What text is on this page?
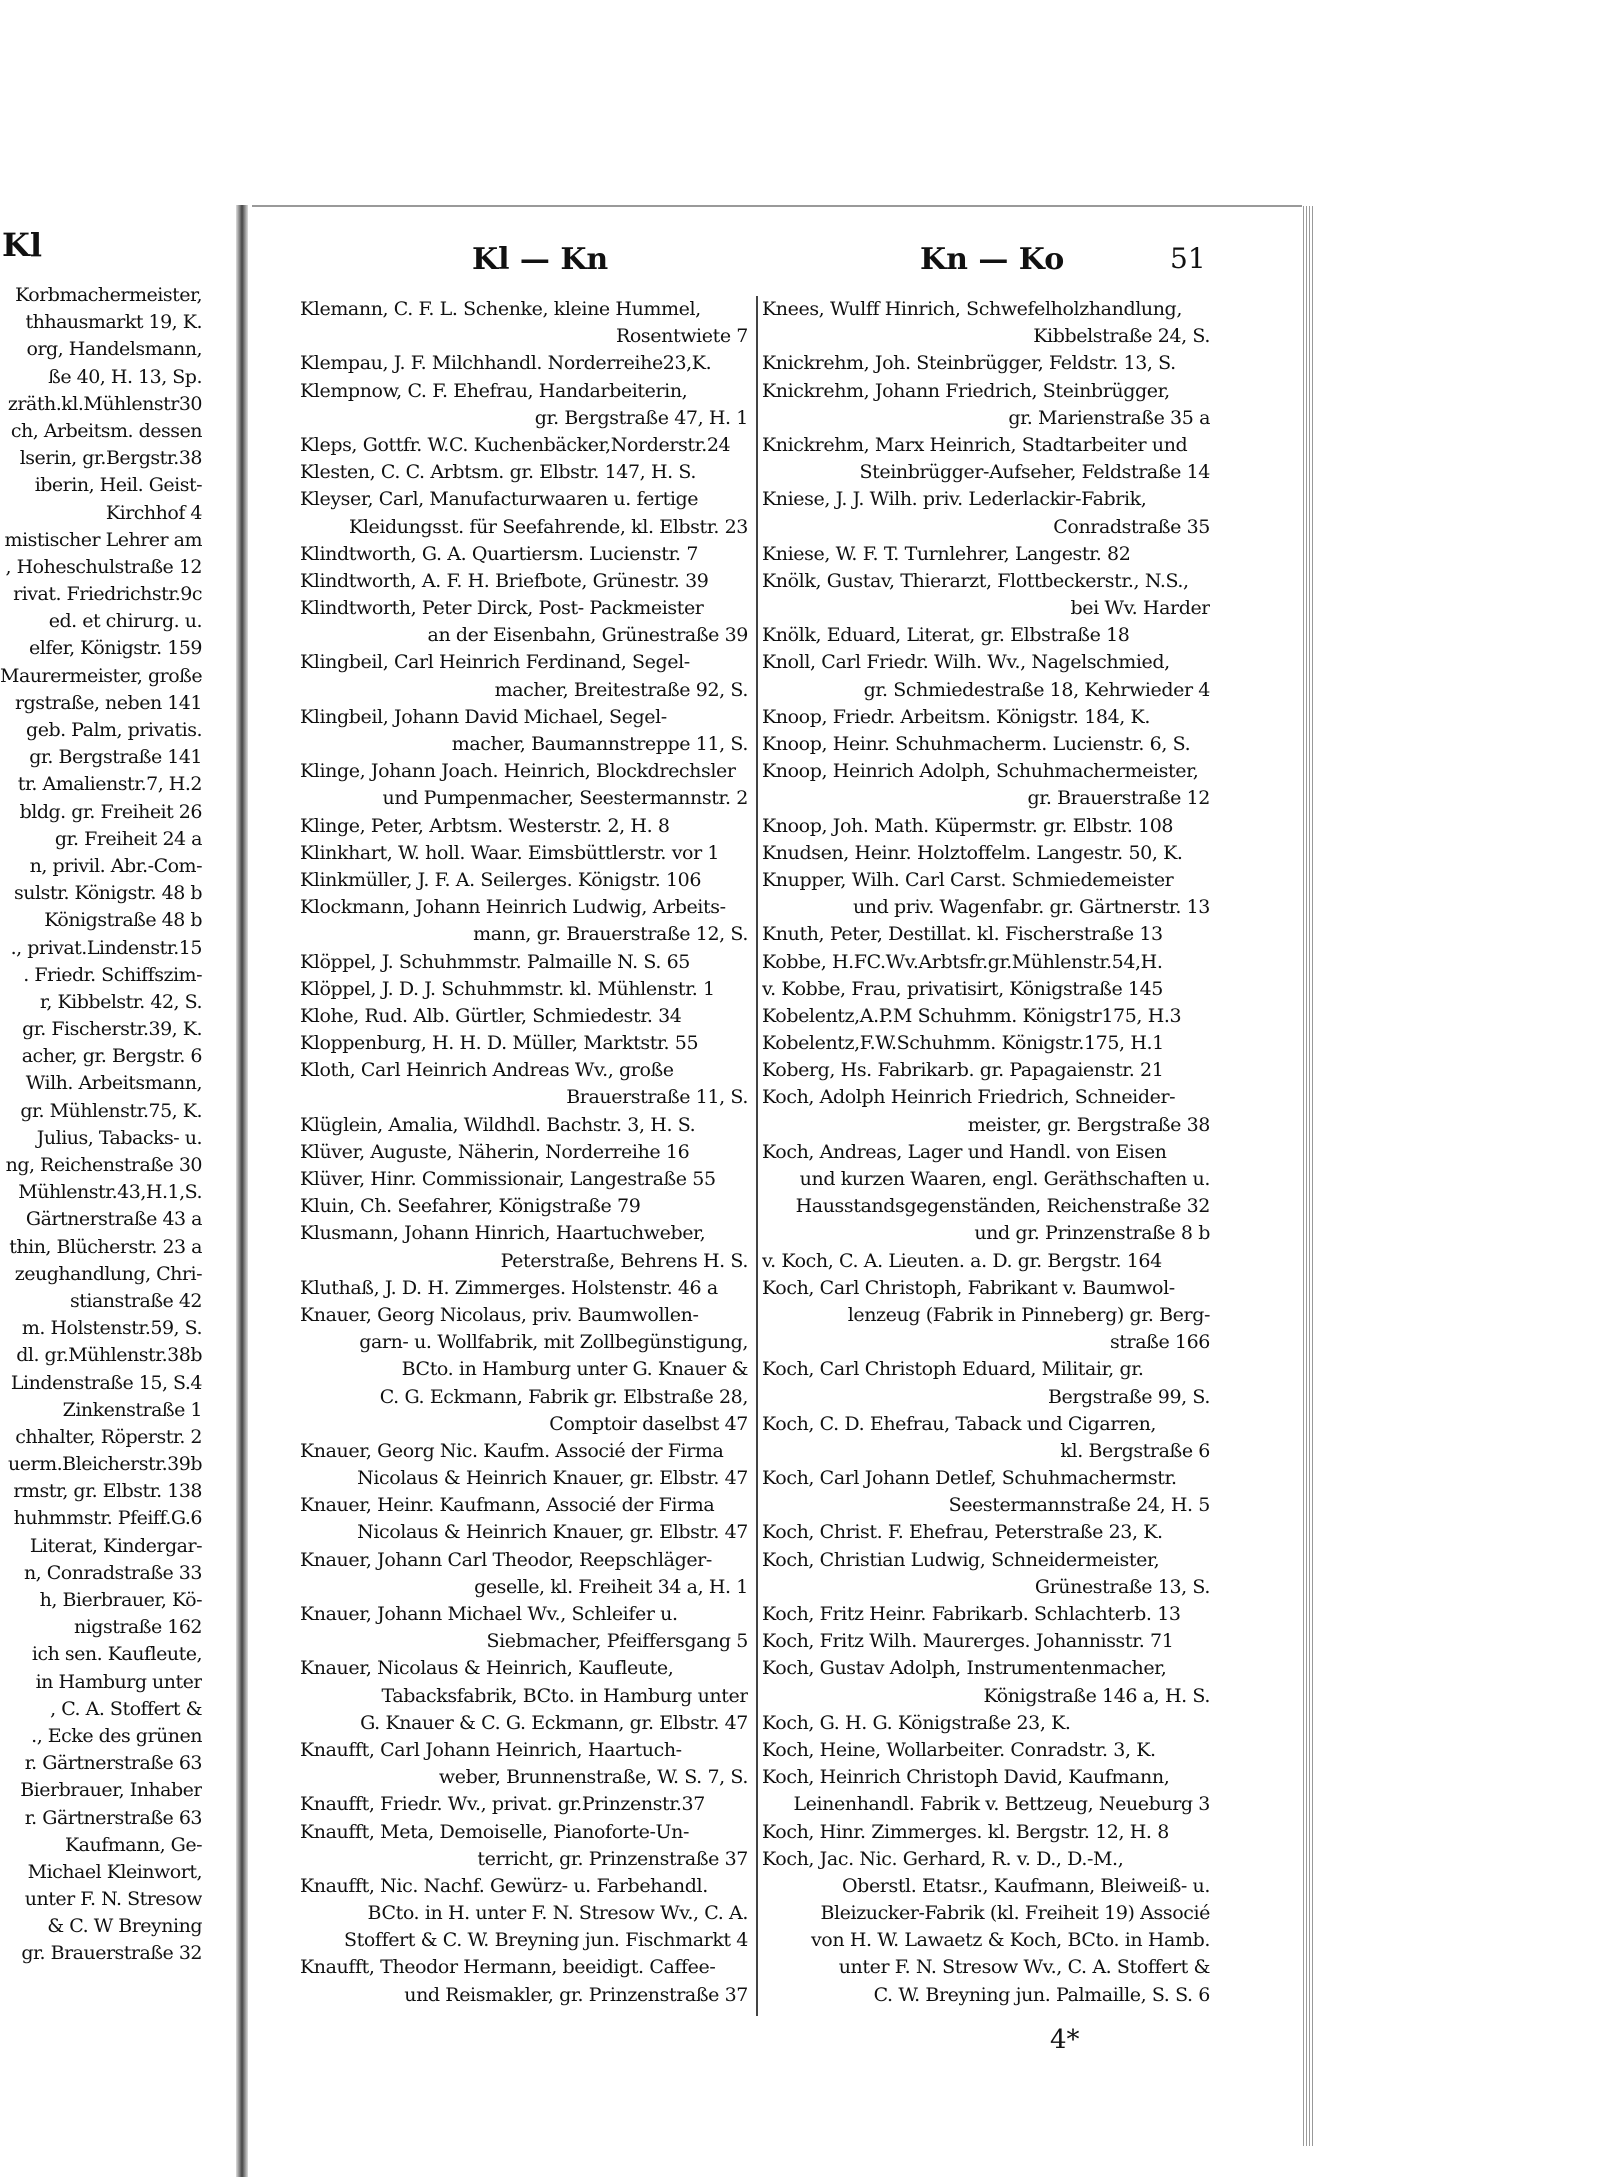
Kl
Korbmachermeister,
thhausmarkt 19, K.
org, Handelsmann,
ße 40, H. 13, Sp.
zräth.kl.Mühlenstr30
ch, Arbeitsm. dessen
lserin, gr.Bergstr.38
iberin, Heil. Geist-
Kirchhof 4
mistischer Lehrer am
, Hoheschulstraße 12
rivat. Friedrichstr.9c
ed. et chirurg. u.
elfer, Königstr. 159
Maurermeister, große
rgstraße, neben 141
geb. Palm, privatis.
gr. Bergstraße 141
tr. Amalienstr.7, H.2
bldg. gr. Freiheit 26
gr. Freiheit 24 a
n, privil. Abr.-Com-
sulstr. Königstr. 48 b
Königstraße 48 b
., privat.Lindenstr.15
. Friedr. Schiffszim-
r, Kibbelstr. 42, S.
gr. Fischerstr.39, K.
acher, gr. Bergstr. 6
Wilh. Arbeitsmann,
gr. Mühlenstr.75, K.
Julius, Tabacks- u.
ng, Reichenstraße 30
Mühlenstr.43,H.1,S.
Gärtnerstraße 43 a
thin, Blücherstr. 23 a
zeughandlung, Chri-
stianstraße 42
m. Holstenstr.59, S.
dl. gr.Mühlenstr.38b
Lindenstraße 15, S.4
Zinkenstraße 1
chhalter, Röperstr. 2
uerm.Bleicherstr.39b
rmstr, gr. Elbstr. 138
huhmmstr. Pfeiff.G.6
Literat, Kindergar-
n, Conradstraße 33
h, Bierbrauer, Kö-
nigstraße 162
ich sen. Kaufleute,
in Hamburg unter
, C. A. Stoffert &
., Ecke des grünen
r. Gärtnerstraße 63
Bierbrauer, Inhaber
r. Gärtnerstraße 63
Kaufmann, Ge-
Michael Kleinwort,
unter F. N. Stresow
& C. W Breyning
gr. Brauerstraße 32
Kl — Kn	Kn — Ko	51
Klemann, C. F. L. Schenke, kleine Hummel,
Rosentwiete 7
Klempau, J. F. Milchhandl. Norderreihe23,K.
Klempnow, C. F. Ehefrau, Handarbeiterin,
gr. Bergstraße 47, H. 1
Kleps, Gottfr. W.C. Kuchenbäcker,Norderstr.24
Klesten, C. C. Arbtsm. gr. Elbstr. 147, H. S.
Kleyser, Carl, Manufacturwaaren u. fertige
Kleidungsst. für Seefahrende, kl. Elbstr. 23
Klindtworth, G. A. Quartiersm. Lucienstr. 7
Klindtworth, A. F. H. Briefbote, Grünestr. 39
Klindtworth, Peter Dirck, Post- Packmeister
an der Eisenbahn, Grünestraße 39
Klingbeil, Carl Heinrich Ferdinand, Segel-
macher, Breitestraße 92, S.
Klingbeil, Johann David Michael, Segel-
macher, Baumannstreppe 11, S.
Klinge, Johann Joach. Heinrich, Blockdrechsler
und Pumpenmacher, Seestermannstr. 2
Klinge, Peter, Arbtsm. Westerstr. 2, H. 8
Klinkhart, W. holl. Waar. Eimsbüttlerstr. vor 1
Klinkmüller, J. F. A. Seilerges. Königstr. 106
Klockmann, Johann Heinrich Ludwig, Arbeits-
mann, gr. Brauerstraße 12, S.
Klöppel, J. Schuhmmstr. Palmaille N. S. 65
Klöppel, J. D. J. Schuhmmstr. kl. Mühlenstr. 1
Klohe, Rud. Alb. Gürtler, Schmiedestr. 34
Kloppenburg, H. H. D. Müller, Marktstr. 55
Kloth, Carl Heinrich Andreas Wv., große
Brauerstraße 11, S.
Klüglein, Amalia, Wildhdl. Bachstr. 3, H. S.
Klüver, Auguste, Näherin, Norderreihe 16
Klüver, Hinr. Commissionair, Langestraße 55
Kluin, Ch. Seefahrer, Königstraße 79
Klusmann, Johann Hinrich, Haartuchweber,
Peterstraße, Behrens H. S.
Kluthaß, J. D. H. Zimmerges. Holstenstr. 46 a
Knauer, Georg Nicolaus, priv. Baumwollen-
garn- u. Wollfabrik, mit Zollbegünstigung,
BCto. in Hamburg unter G. Knauer &
C. G. Eckmann, Fabrik gr. Elbstraße 28,
Comptoir daselbst 47
Knauer, Georg Nic. Kaufm. Associé der Firma
Nicolaus & Heinrich Knauer, gr. Elbstr. 47
Knauer, Heinr. Kaufmann, Associé der Firma
Nicolaus & Heinrich Knauer, gr. Elbstr. 47
Knauer, Johann Carl Theodor, Reepschläger-
geselle, kl. Freiheit 34 a, H. 1
Knauer, Johann Michael Wv., Schleifer u.
Siebmacher, Pfeiffersgang 5
Knauer, Nicolaus & Heinrich, Kaufleute,
Tabacksfabrik, BCto. in Hamburg unter
G. Knauer & C. G. Eckmann, gr. Elbstr. 47
Knaufft, Carl Johann Heinrich, Haartuch-
weber, Brunnenstraße, W. S. 7, S.
Knaufft, Friedr. Wv., privat. gr.Prinzenstr.37
Knaufft, Meta, Demoiselle, Pianoforte-Un-
terricht, gr. Prinzenstraße 37
Knaufft, Nic. Nachf. Gewürz- u. Farbehandl.
BCto. in H. unter F. N. Stresow Wv., C. A.
Stoffert & C. W. Breyning jun. Fischmarkt 4
Knaufft, Theodor Hermann, beeidigt. Caffee-
und Reismakler, gr. Prinzenstraße 37
Knees, Wulff Hinrich, Schwefelholzhandlung,
Kibbelstraße 24, S.
Knickrehm, Joh. Steinbrügger, Feldstr. 13, S.
Knickrehm, Johann Friedrich, Steinbrügger,
gr. Marienstraße 35 a
Knickrehm, Marx Heinrich, Stadtarbeiter und
Steinbrügger-Aufseher, Feldstraße 14
Kniese, J. J. Wilh. priv. Lederlackir-Fabrik,
Conradstraße 35
Kniese, W. F. T. Turnlehrer, Langestr. 82
Knölk, Gustav, Thierarzt, Flottbeckerstr., N.S.,
bei Wv. Harder
Knölk, Eduard, Literat, gr. Elbstraße 18
Knoll, Carl Friedr. Wilh. Wv., Nagelschmied,
gr. Schmiedestraße 18, Kehrwieder 4
Knoop, Friedr. Arbeitsm. Königstr. 184, K.
Knoop, Heinr. Schuhmacherm. Lucienstr. 6, S.
Knoop, Heinrich Adolph, Schuhmachermeister,
gr. Brauerstraße 12
Knoop, Joh. Math. Küpermstr. gr. Elbstr. 108
Knudsen, Heinr. Holztoffelm. Langestr. 50, K.
Knupper, Wilh. Carl Carst. Schmiedemeister
und priv. Wagenfabr. gr. Gärtnerstr. 13
Knuth, Peter, Destillat. kl. Fischerstraße 13
Kobbe, H.FC.Wv.Arbtsfr.gr.Mühlenstr.54,H.
v. Kobbe, Frau, privatisirt, Königstraße 145
Kobelentz,A.P.M Schuhmm. Königstr175, H.3
Kobelentz,F.W.Schuhmm. Königstr.175, H.1
Koberg, Hs. Fabrikarb. gr. Papagaienstr. 21
Koch, Adolph Heinrich Friedrich, Schneider-
meister, gr. Bergstraße 38
Koch, Andreas, Lager und Handl. von Eisen
und kurzen Waaren, engl. Geräthschaften u.
Hausstandsgegenständen, Reichenstraße 32
und gr. Prinzenstraße 8 b
v. Koch, C. A. Lieuten. a. D. gr. Bergstr. 164
Koch, Carl Christoph, Fabrikant v. Baumwol-
lenzeug (Fabrik in Pinneberg) gr. Berg-
straße 166
Koch, Carl Christoph Eduard, Militair, gr.
Bergstraße 99, S.
Koch, C. D. Ehefrau, Taback und Cigarren,
kl. Bergstraße 6
Koch, Carl Johann Detlef, Schuhmachermstr.
Seestermannstraße 24, H. 5
Koch, Christ. F. Ehefrau, Peterstraße 23, K.
Koch, Christian Ludwig, Schneidermeister,
Grünestraße 13, S.
Koch, Fritz Heinr. Fabrikarb. Schlachterb. 13
Koch, Fritz Wilh. Maurerges. Johannisstr. 71
Koch, Gustav Adolph, Instrumentenmacher,
Königstraße 146 a, H. S.
Koch, G. H. G. Königstraße 23, K.
Koch, Heine, Wollarbeiter. Conradstr. 3, K.
Koch, Heinrich Christoph David, Kaufmann,
Leinenhandl. Fabrik v. Bettzeug, Neueburg 3
Koch, Hinr. Zimmerges. kl. Bergstr. 12, H. 8
Koch, Jac. Nic. Gerhard, R. v. D., D.-M.,
Oberstl. Etatsr., Kaufmann, Bleiweiß- u.
Bleizucker-Fabrik (kl. Freiheit 19) Associé
von H. W. Lawaetz & Koch, BCto. in Hamb.
unter F. N. Stresow Wv., C. A. Stoffert &
C. W. Breyning jun. Palmaille, S. S. 6
4*
